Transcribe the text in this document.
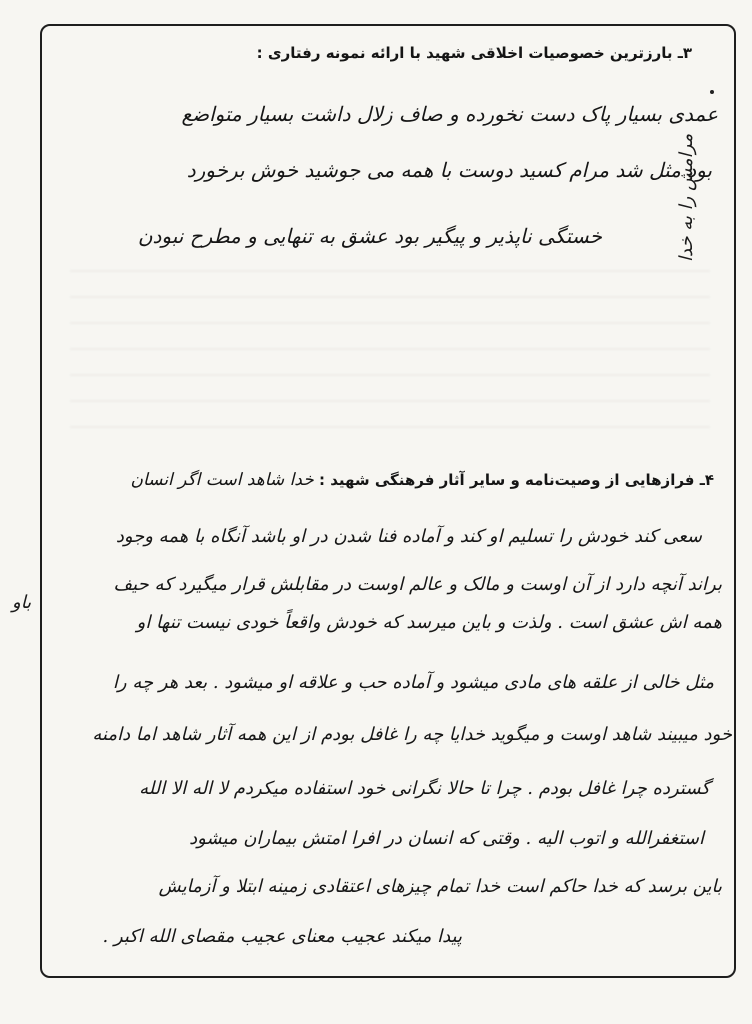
۳ـ بارزترین خصوصیات اخلاقی شهید با ارائه نمونه رفتاری :
عمدی بسیار پاک دست نخورده و صاف زلال داشت بسیار متواضع
بود مثل شد مرام کسید دوست با همه می جوشید خوش برخورد
خستگی ناپذیر و پیگیر بود عشق به تنهایی و مطرح نبودن	مرامش را به خدا
۴ـ فرازهایی از وصیت‌نامه و سایر آثار فرهنگی شهید : خدا شاهد است اگر انسان
سعی کند خودش را تسلیم او کند و آماده فنا شدن در او باشد آنگاه با همه وجود
براند آنچه دارد از آن اوست و مالک و عالم اوست در مقابلش قرار میگیرد که حیف
همه اش عشق است . ولذت و باین میرسد که خودش واقعاً خودی نیست تنها او
مثل خالی از علقه های مادی میشود و آماده حب و علاقه او میشود . بعد هر چه را
خود میبیند شاهد اوست و میگوید خدایا چه را غافل بودم از این همه آثار شاهد اما دامنه
گسترده چرا غافل بودم . چرا تا حالا نگرانی خود استفاده میکردم لا اله الا الله
استغفرالله و اتوب الیه . وقتی که انسان در افرا امتش بیماران میشود
باین برسد که خدا حاکم است خدا تمام چیزهای اعتقادی زمینه ابتلا و آزمایش
پیدا میکند عجیب معنای عجیب مقصای الله اکبر .
باو
